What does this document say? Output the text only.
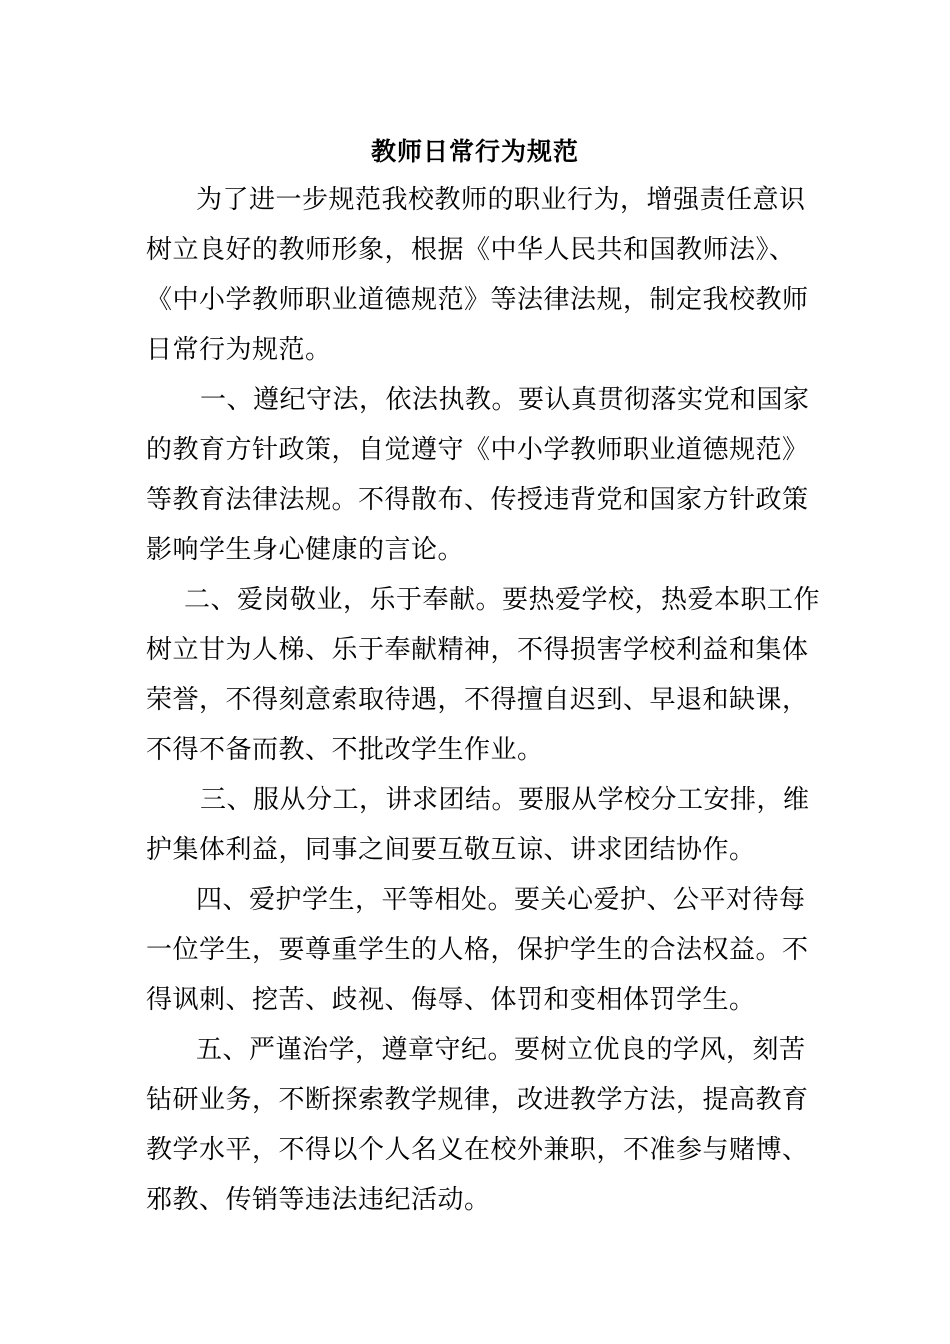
教师日常行为规范
为了进一步规范我校教师的职业行为，增强责任意识
树立良好的教师形象，根据《中华人民共和国教师法》、
《中小学教师职业道德规范》等法律法规，制定我校教师
日常行为规范。
一、遵纪守法，依法执教。要认真贯彻落实党和国家
的教育方针政策，自觉遵守《中小学教师职业道德规范》
等教育法律法规。不得散布、传授违背党和国家方针政策
影响学生身心健康的言论。
二、爱岗敬业，乐于奉献。要热爱学校，热爱本职工作
树立甘为人梯、乐于奉献精神，不得损害学校利益和集体
荣誉，不得刻意索取待遇，不得擅自迟到、早退和缺课，
不得不备而教、不批改学生作业。
三、服从分工，讲求团结。要服从学校分工安排，维
护集体利益，同事之间要互敬互谅、讲求团结协作。
四、爱护学生，平等相处。要关心爱护、公平对待每
一位学生，要尊重学生的人格，保护学生的合法权益。不
得讽刺、挖苦、歧视、侮辱、体罚和变相体罚学生。
五、严谨治学，遵章守纪。要树立优良的学风，刻苦
钻研业务，不断探索教学规律，改进教学方法，提高教育
教学水平，不得以个人名义在校外兼职，不准参与赌博、
邪教、传销等违法违纪活动。
